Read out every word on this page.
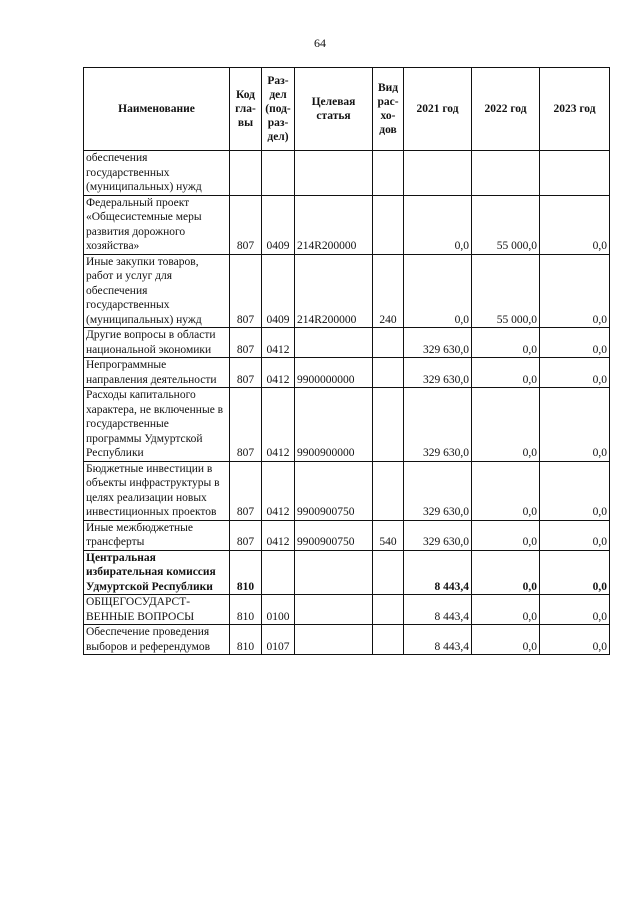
64
Наименование	Код гла-вы	Раз-дел (под-раз-дел)	Целевая статья	Вид рас-хо-дов	2021 год	2022 год	2023 год
обеспечения государственных (муниципальных) нужд							
Федеральный проект «Общесистемные меры развития дорожного хозяйства»	807	0409	214R200000		0,0	55 000,0	0,0
Иные закупки товаров, работ и услуг для обеспечения государственных (муниципальных) нужд	807	0409	214R200000	240	0,0	55 000,0	0,0
Другие вопросы в области национальной экономики	807	0412			329 630,0	0,0	0,0
Непрограммные направления деятельности	807	0412	9900000000		329 630,0	0,0	0,0
Расходы капитального характера, не включенные в государственные программы Удмуртской Республики	807	0412	9900900000		329 630,0	0,0	0,0
Бюджетные инвестиции в объекты инфраструктуры в целях реализации новых инвестиционных проектов	807	0412	9900900750		329 630,0	0,0	0,0
Иные межбюджетные трансферты	807	0412	9900900750	540	329 630,0	0,0	0,0
Центральная избирательная комиссия Удмуртской Республики	810				8 443,4	0,0	0,0
ОБЩЕГОСУДАРСТ-ВЕННЫЕ ВОПРОСЫ	810	0100			8 443,4	0,0	0,0
Обеспечение проведения выборов и референдумов	810	0107			8 443,4	0,0	0,0
